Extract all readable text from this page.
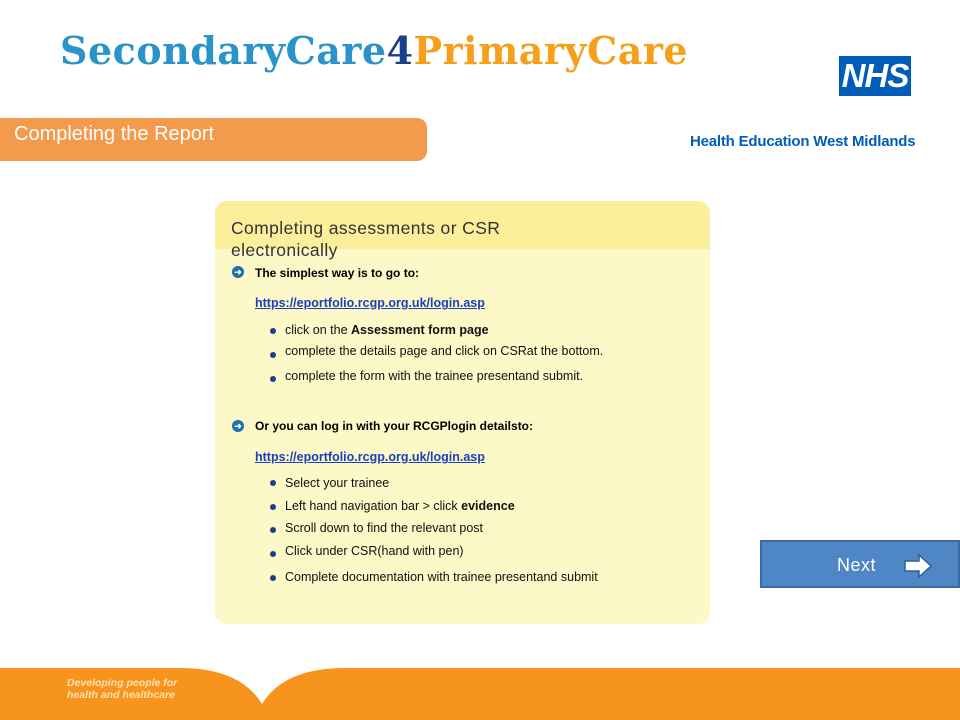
SecondaryCare4PrimaryCare
NHS
Health Education West Midlands
Completing the Report
Completing assessments or CSR electronically
➜ The simplest way is to go to:
https://eportfolio.rcgp.org.uk/login.asp
click on the Assessment form page
complete the details page and click on CSRat the bottom.
complete the form with the trainee presentand submit.
➜ Or you can log in with your RCGPlogin detailsto:
https://eportfolio.rcgp.org.uk/login.asp
Select your trainee
Left hand navigation bar > click evidence
Scroll down to find the relevant post
Click under CSR(hand with pen)
Complete documentation with trainee presentand submit
Next
Developing people for health and healthcare
